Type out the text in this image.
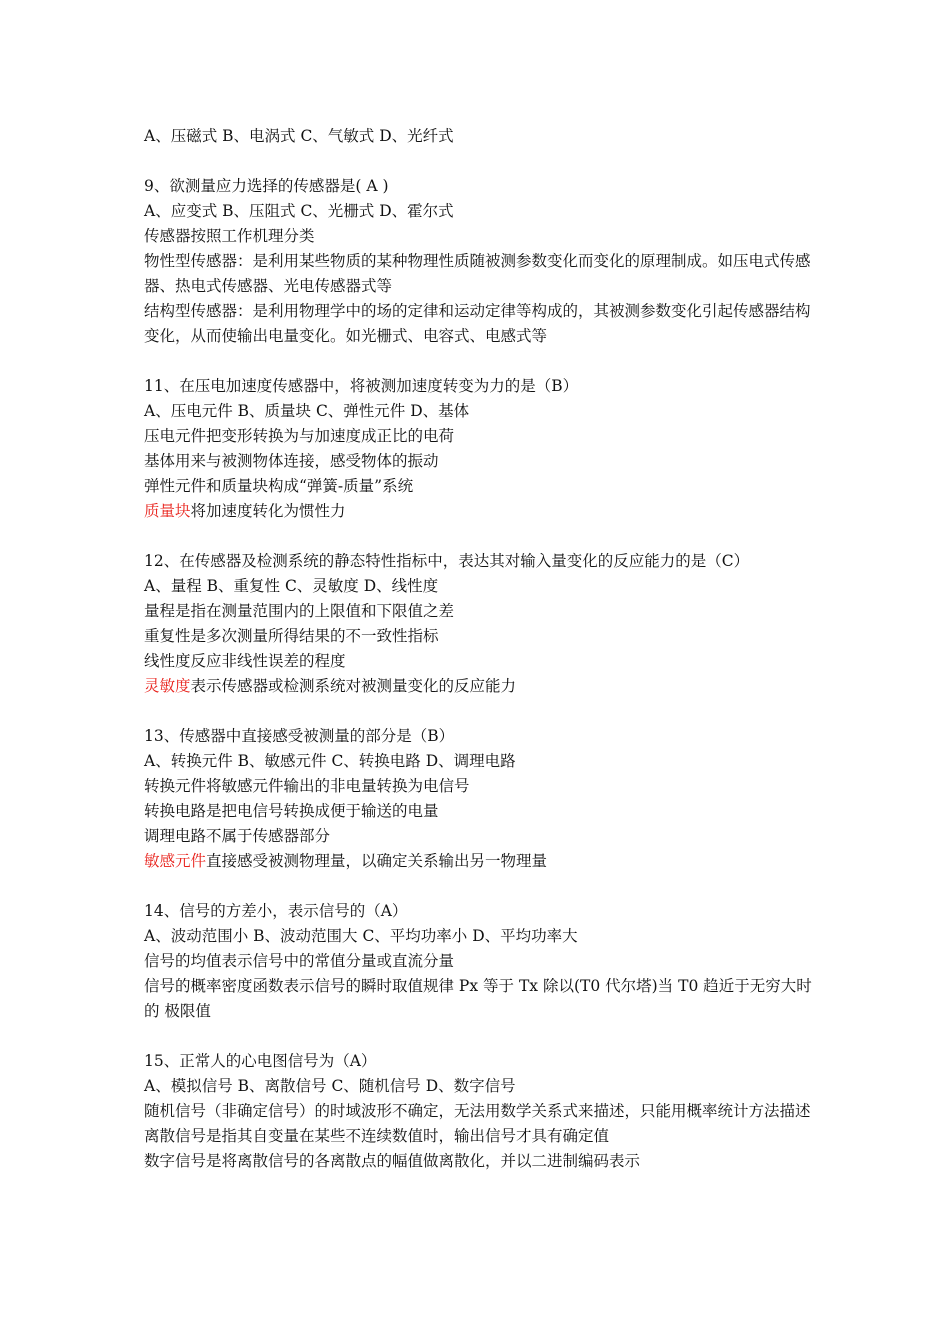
A、压磁式 B、电涡式 C、气敏式 D、光纤式
9、欲测量应力选择的传感器是( A )
A、应变式 B、压阻式 C、光栅式 D、霍尔式
传感器按照工作机理分类
物性型传感器：是利用某些物质的某种物理性质随被测参数变化而变化的原理制成。如压电式传感器、热电式传感器、光电传感器式等
结构型传感器：是利用物理学中的场的定律和运动定律等构成的，其被测参数变化引起传感器结构变化，从而使输出电量变化。如光栅式、电容式、电感式等
11、在压电加速度传感器中，将被测加速度转变为力的是（B）
A、压电元件 B、质量块 C、弹性元件 D、基体
压电元件把变形转换为与加速度成正比的电荷
基体用来与被测物体连接，感受物体的振动
弹性元件和质量块构成“弹簧-质量”系统
质量块将加速度转化为惯性力
12、在传感器及检测系统的静态特性指标中，表达其对输入量变化的反应能力的是（C）
A、量程 B、重复性 C、灵敏度 D、线性度
量程是指在测量范围内的上限值和下限值之差
重复性是多次测量所得结果的不一致性指标
线性度反应非线性误差的程度
灵敏度表示传感器或检测系统对被测量变化的反应能力
13、传感器中直接感受被测量的部分是（B）
A、转换元件 B、敏感元件 C、转换电路 D、调理电路
转换元件将敏感元件输出的非电量转换为电信号
转换电路是把电信号转换成便于输送的电量
调理电路不属于传感器部分
敏感元件直接感受被测物理量，以确定关系输出另一物理量
14、信号的方差小，表示信号的（A）
A、波动范围小 B、波动范围大 C、平均功率小 D、平均功率大
信号的均值表示信号中的常值分量或直流分量
信号的概率密度函数表示信号的瞬时取值规律 Px 等于 Tx 除以(T0 代尔塔)当 T0 趋近于无穷大时的 极限值
15、正常人的心电图信号为（A）
A、模拟信号 B、离散信号 C、随机信号 D、数字信号
随机信号（非确定信号）的时域波形不确定，无法用数学关系式来描述，只能用概率统计方法描述
离散信号是指其自变量在某些不连续数值时，输出信号才具有确定值
数字信号是将离散信号的各离散点的幅值做离散化，并以二进制编码表示
